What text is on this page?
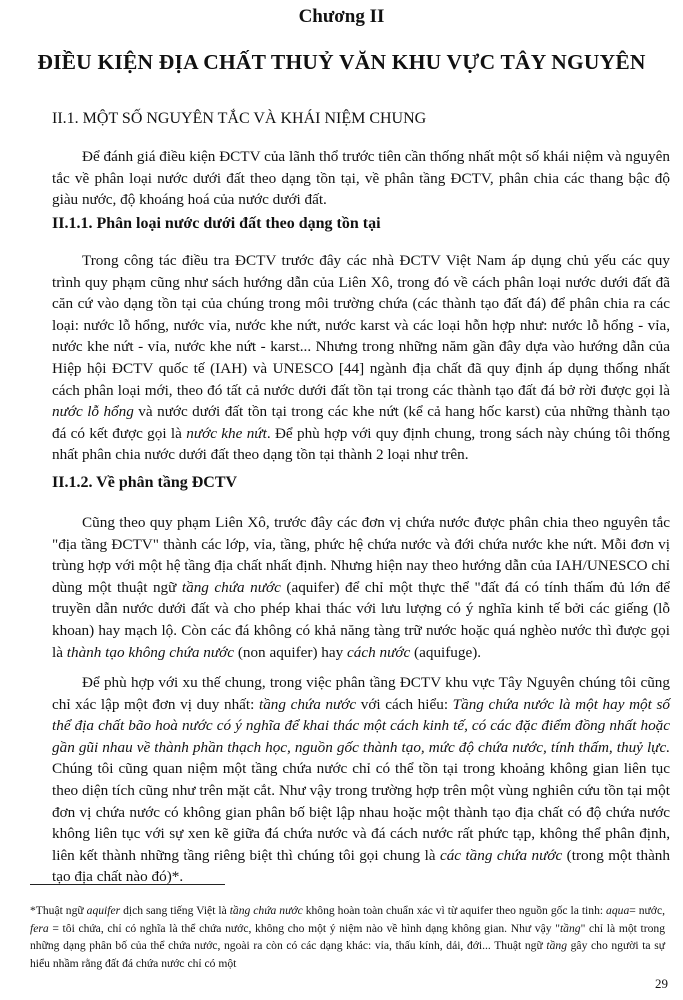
Chương II
ĐIỀU KIỆN ĐỊA CHẤT THUỶ VĂN KHU VỰC TÂY NGUYÊN
II.1. MỘT SỐ NGUYÊN TẮC VÀ KHÁI NIỆM CHUNG
Để đánh giá điều kiện ĐCTV của lãnh thổ trước tiên cần thống nhất một số khái niệm và nguyên tắc về phân loại nước dưới đất theo dạng tồn tại, về phân tầng ĐCTV, phân chia các thang bậc độ giàu nước, độ khoáng hoá của nước dưới đất.
II.1.1. Phân loại nước dưới đất theo dạng tồn tại
Trong công tác điều tra ĐCTV trước đây các nhà ĐCTV Việt Nam áp dụng chủ yếu các quy trình quy phạm cũng như sách hướng dẫn của Liên Xô, trong đó về cách phân loại nước dưới đất đã căn cứ vào dạng tồn tại của chúng trong môi trường chứa (các thành tạo đất đá) để phân chia ra các loại: nước lỗ hổng, nước vỉa, nước khe nứt, nước karst và các loại hỗn hợp như: nước lỗ hổng - vỉa, nước khe nứt - vỉa, nước khe nứt - karst... Nhưng trong những năm gần đây dựa vào hướng dẫn của Hiệp hội ĐCTV quốc tế (IAH) và UNESCO [44] ngành địa chất đã quy định áp dụng thống nhất cách phân loại mới, theo đó tất cả nước dưới đất tồn tại trong các thành tạo đất đá bở rời được gọi là nước lỗ hổng và nước dưới đất tồn tại trong các khe nứt (kể cả hang hốc karst) của những thành tạo đá có kết được gọi là nước khe nứt. Để phù hợp với quy định chung, trong sách này chúng tôi thống nhất phân chia nước dưới đất theo dạng tồn tại thành 2 loại như trên.
II.1.2. Về phân tầng ĐCTV
Cũng theo quy phạm Liên Xô, trước đây các đơn vị chứa nước được phân chia theo nguyên tắc "địa tầng ĐCTV" thành các lớp, vỉa, tầng, phức hệ chứa nước và đới chứa nước khe nứt. Mỗi đơn vị trùng hợp với một hệ tầng địa chất nhất định. Nhưng hiện nay theo hướng dẫn của IAH/UNESCO chỉ dùng một thuật ngữ tầng chứa nước (aquifer) để chỉ một thực thể "đất đá có tính thấm đủ lớn để truyền dẫn nước dưới đất và cho phép khai thác với lưu lượng có ý nghĩa kinh tế bởi các giếng (lỗ khoan) hay mạch lộ. Còn các đá không có khả năng tàng trữ nước hoặc quá nghèo nước thì được gọi là thành tạo không chứa nước (non aquifer) hay cách nước (aquifuge).
Để phù hợp với xu thế chung, trong việc phân tầng ĐCTV khu vực Tây Nguyên chúng tôi cũng chỉ xác lập một đơn vị duy nhất: tầng chứa nước với cách hiểu: Tầng chứa nước là một hay một số thể địa chất bão hoà nước có ý nghĩa để khai thác một cách kinh tế, có các đặc điểm đồng nhất hoặc gần gũi nhau về thành phần thạch học, nguồn gốc thành tạo, mức độ chứa nước, tính thấm, thuỷ lực. Chúng tôi cũng quan niệm một tầng chứa nước chỉ có thể tồn tại trong khoảng không gian liên tục theo diện tích cũng như trên mặt cắt. Như vậy trong trường hợp trên một vùng nghiên cứu tồn tại một đơn vị chứa nước có không gian phân bố biệt lập nhau hoặc một thành tạo địa chất có độ chứa nước không liên tục với sự xen kẽ giữa đá chứa nước và đá cách nước rất phức tạp, không thể phân định, liên kết thành những tầng riêng biệt thì chúng tôi gọi chung là các tầng chứa nước (trong một thành tạo địa chất nào đó)*.
*Thuật ngữ aquifer dịch sang tiếng Việt là tầng chứa nước không hoàn toàn chuẩn xác vì từ aquifer theo nguồn gốc la tinh: aqua= nước, fera = tôi chứa, chỉ có nghĩa là thể chứa nước, không cho một ý niệm nào về hình dạng không gian. Như vậy "tầng" chỉ là một trong những dạng phân bố của thể chứa nước, ngoài ra còn có các dạng khác: vỉa, thấu kính, dải, đới... Thuật ngữ tầng gây cho người ta sự hiểu nhầm rằng đất đá chứa nước chỉ có một
29
